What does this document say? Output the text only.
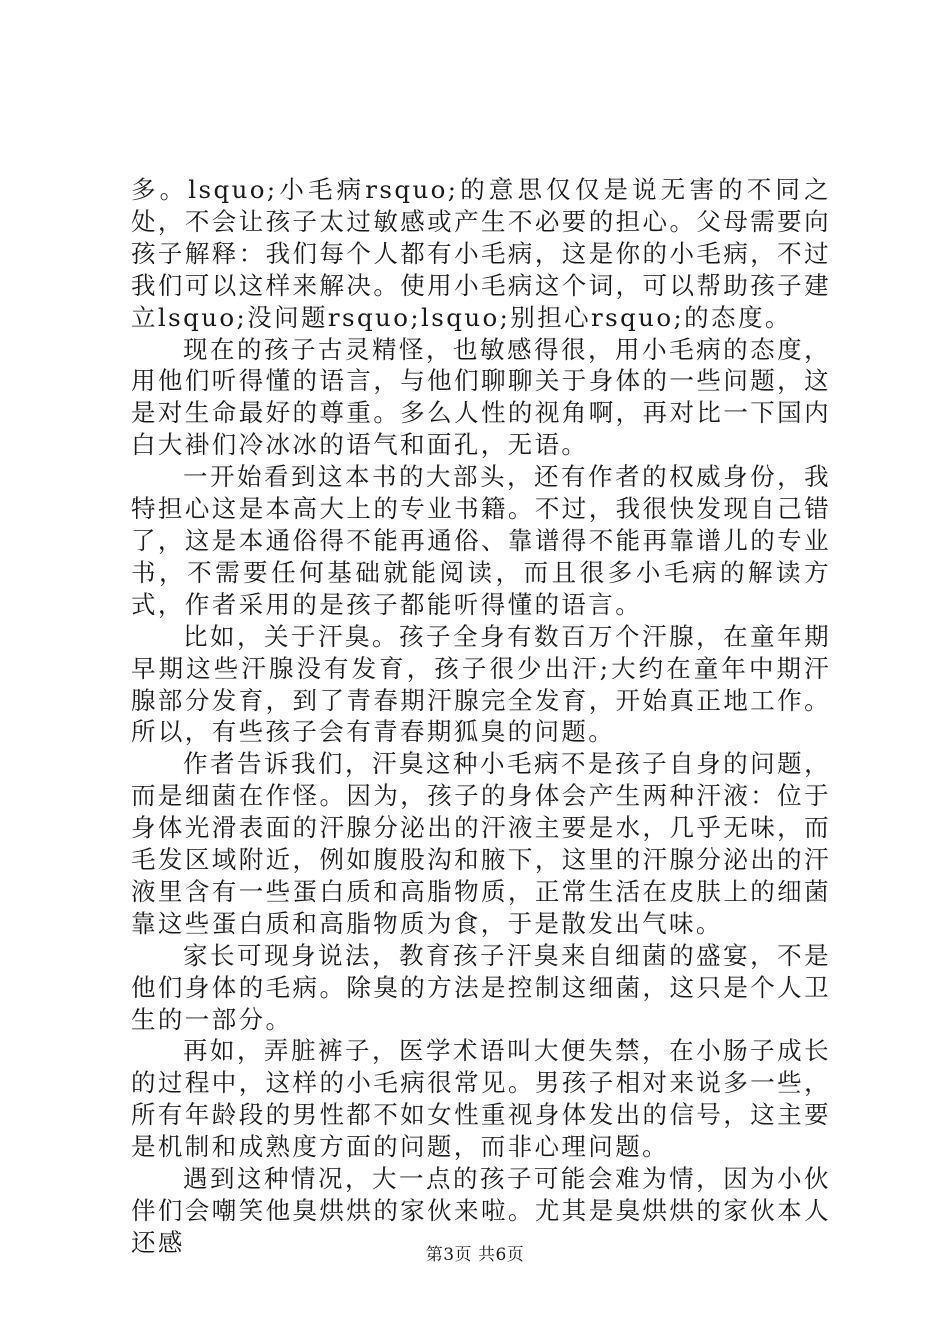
多。lsquo;小毛病rsquo;的意思仅仅是说无害的不同之处，不会让孩子太过敏感或产生不必要的担心。父母需要向孩子解释：我们每个人都有小毛病，这是你的小毛病，不过我们可以这样来解决。使用小毛病这个词，可以帮助孩子建立lsquo;没问题rsquo;lsquo;别担心rsquo;的态度。

现在的孩子古灵精怪，也敏感得很，用小毛病的态度，用他们听得懂的语言，与他们聊聊关于身体的一些问题，这是对生命最好的尊重。多么人性的视角啊，再对比一下国内白大褂们冷冰冰的语气和面孔，无语。

一开始看到这本书的大部头，还有作者的权威身份，我特担心这是本高大上的专业书籍。不过，我很快发现自己错了，这是本通俗得不能再通俗、靠谱得不能再靠谱儿的专业书，不需要任何基础就能阅读，而且很多小毛病的解读方式，作者采用的是孩子都能听得懂的语言。

比如，关于汗臭。孩子全身有数百万个汗腺，在童年期早期这些汗腺没有发育，孩子很少出汗;大约在童年中期汗腺部分发育，到了青春期汗腺完全发育，开始真正地工作。所以，有些孩子会有青春期狐臭的问题。

作者告诉我们，汗臭这种小毛病不是孩子自身的问题，而是细菌在作怪。因为，孩子的身体会产生两种汗液：位于身体光滑表面的汗腺分泌出的汗液主要是水，几乎无味，而毛发区域附近，例如腹股沟和腋下，这里的汗腺分泌出的汗液里含有一些蛋白质和高脂物质，正常生活在皮肤上的细菌靠这些蛋白质和高脂物质为食，于是散发出气味。

家长可现身说法，教育孩子汗臭来自细菌的盛宴，不是他们身体的毛病。除臭的方法是控制这细菌，这只是个人卫生的一部分。

再如，弄脏裤子，医学术语叫大便失禁，在小肠子成长的过程中，这样的小毛病很常见。男孩子相对来说多一些，所有年龄段的男性都不如女性重视身体发出的信号，这主要是机制和成熟度方面的问题，而非心理问题。

遇到这种情况，大一点的孩子可能会难为情，因为小伙伴们会嘲笑他臭烘烘的家伙来啦。尤其是臭烘烘的家伙本人还感	第3页 共6页
